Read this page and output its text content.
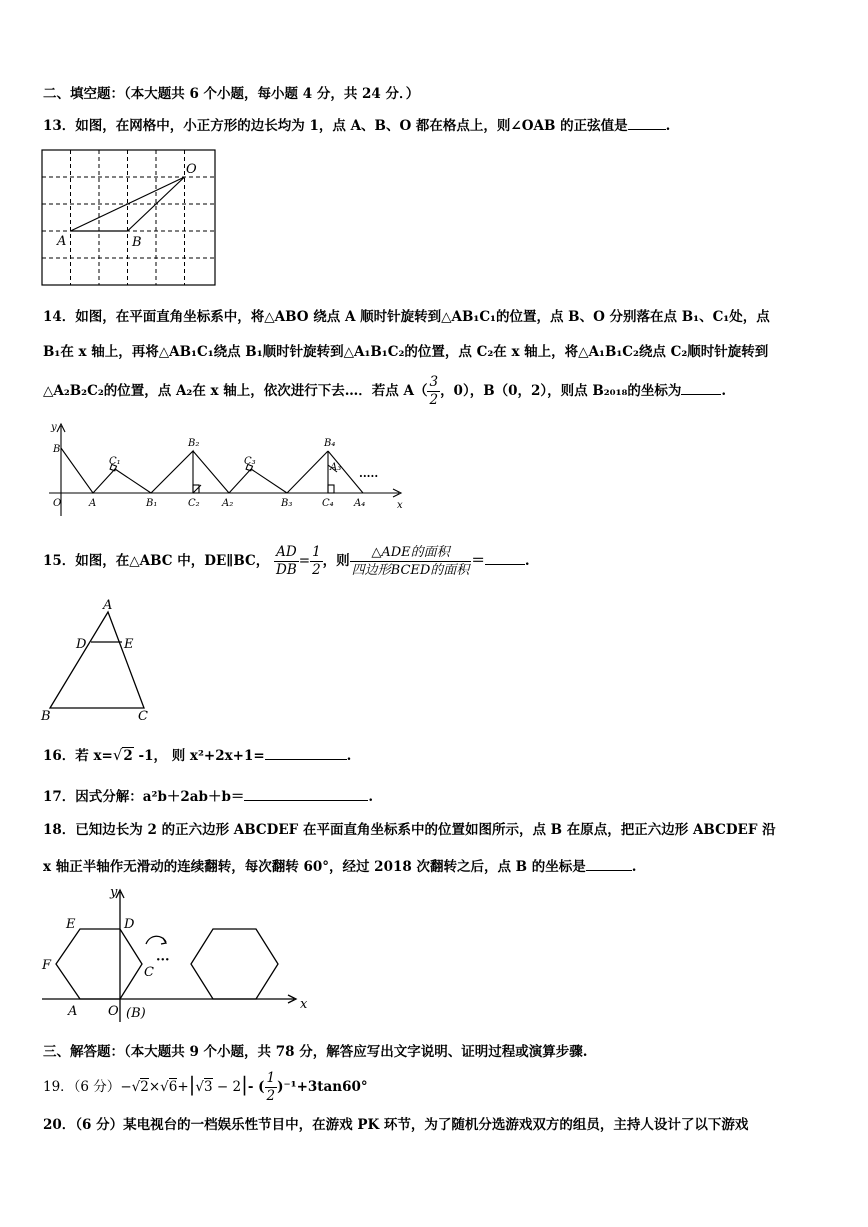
二、填空题：（本大题共 6 个小题，每小题 4 分，共 24 分．）
13．如图，在网格中，小正方形的边长均为 1，点 A、B、O 都在格点上，则∠OAB 的正弦值是	.
O
A	B
14．如图，在平面直角坐标系中，将△ABO 绕点 A 顺时针旋转到△AB₁C₁的位置，点 B、O 分别落在点 B₁、C₁处，点
B₁在 x 轴上，再将△AB₁C₁绕点 B₁顺时针旋转到△A₁B₁C₂的位置，点 C₂在 x 轴上，将△A₁B₁C₂绕点 C₂顺时针旋转到
△A₂B₂C₂的位置，点 A₂在 x 轴上，依次进行下去…．若点 $A( \frac{3}{2}$ ，0），B（0，2），则点 B₂₀₁₈的坐标为	.
y
B
O	A
C₁
B₁
B₂
C₂ A₂
C₃
B₃
B₄
A₃
C₄ A₄
·····
x
15．如图，在△ABC 中，DE∥BC， $\frac{AD}{DB} = \frac{1}{2}$ ，则 $\frac{\text{△ADE的面积}}{\text{四边形BCED的面积}}$ ＝	.
A
D	E
B	C
16．若 x=√2 -1， 则 x²+2x+1=	.
17．因式分解：a²b＋2ab＋b＝	.
18．已知边长为 2 的正六边形 ABCDEF 在平面直角坐标系中的位置如图所示，点 B 在原点，把正六边形 ABCDEF 沿
x 轴正半轴作无滑动的连续翻转，每次翻转 60°，经过 2018 次翻转之后，点 B 的坐标是	.
y
E	D
F	C
···
A O (B)
x
三、解答题：（本大题共 9 个小题，共 78 分，解答应写出文字说明、证明过程或演算步骤.
19．（6 分）−√2×√6+|√3 − 2|- ( $\frac{1}{2} )^{-1}+3\tan 60^\circ$
20．（6 分）某电视台的一档娱乐性节目中，在游戏 PK 环节，为了随机分选游戏双方的组员，主持人设计了以下游戏
